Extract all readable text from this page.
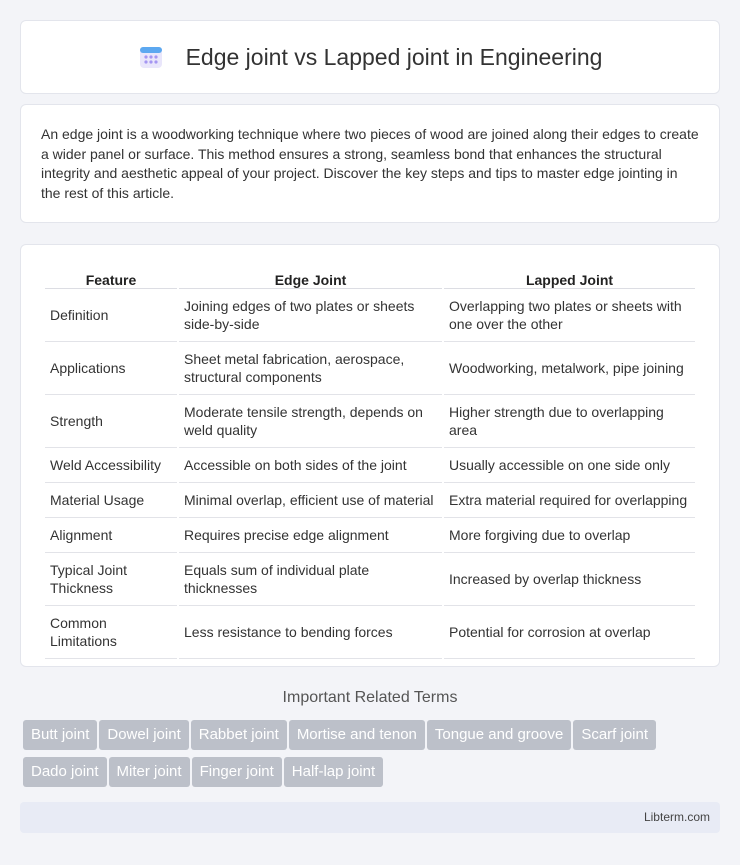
Edge joint vs Lapped joint in Engineering

An edge joint is a woodworking technique where two pieces of wood are joined along their edges to create a wider panel or surface. This method ensures a strong, seamless bond that enhances the structural integrity and aesthetic appeal of your project. Discover the key steps and tips to master edge jointing in the rest of this article.

Feature	Edge Joint	Lapped Joint
Definition	Joining edges of two plates or sheets side-by-side	Overlapping two plates or sheets with one over the other
Applications	Sheet metal fabrication, aerospace, structural components	Woodworking, metalwork, pipe joining
Strength	Moderate tensile strength, depends on weld quality	Higher strength due to overlapping area
Weld Accessibility	Accessible on both sides of the joint	Usually accessible on one side only
Material Usage	Minimal overlap, efficient use of material	Extra material required for overlapping
Alignment	Requires precise edge alignment	More forgiving due to overlap
Typical Joint Thickness	Equals sum of individual plate thicknesses	Increased by overlap thickness
Common Limitations	Less resistance to bending forces	Potential for corrosion at overlap
Important Related Terms
Butt joint Dowel joint Rabbet joint Mortise and tenon Tongue and groove Scarf joint
Dado joint Miter joint Finger joint Half-lap joint
Libterm.com
